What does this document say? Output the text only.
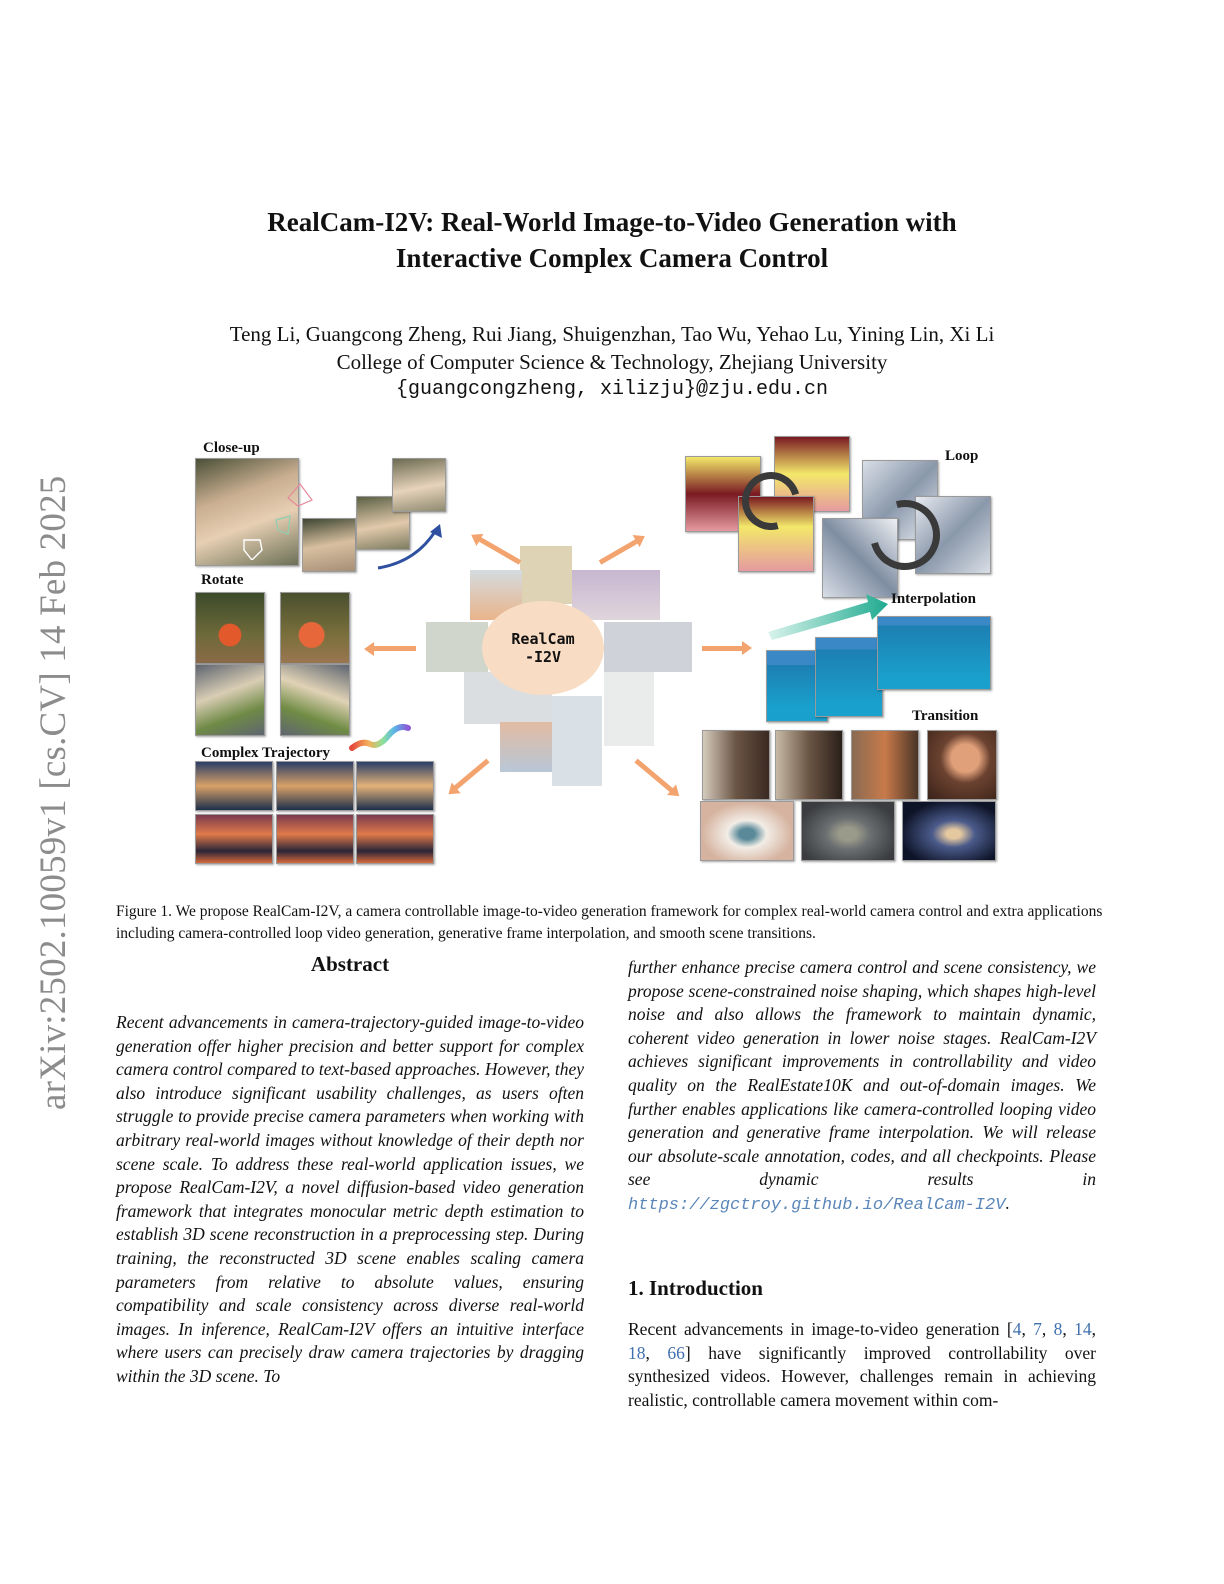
arXiv:2502.10059v1 [cs.CV] 14 Feb 2025
RealCam-I2V: Real-World Image-to-Video Generation with
Interactive Complex Camera Control
Teng Li, Guangcong Zheng, Rui Jiang, Shuigenzhan, Tao Wu, Yehao Lu, Yining Lin, Xi Li
College of Computer Science & Technology, Zhejiang University
{guangcongzheng, xilizju}@zju.edu.cn
Close-up
Rotate
Complex Trajectory
RealCam
-I2V
Loop
Interpolation
Transition
Figure 1. We propose RealCam-I2V, a camera controllable image-to-video generation framework for complex real-world camera control and extra applications including camera-controlled loop video generation, generative frame interpolation, and smooth scene transitions.
Abstract
Recent advancements in camera-trajectory-guided image-to-video generation offer higher precision and better support for complex camera control compared to text-based approaches. However, they also introduce significant usability challenges, as users often struggle to provide precise camera parameters when working with arbitrary real-world images without knowledge of their depth nor scene scale. To address these real-world application issues, we propose RealCam-I2V, a novel diffusion-based video generation framework that integrates monocular metric depth estimation to establish 3D scene reconstruction in a preprocessing step. During training, the reconstructed 3D scene enables scaling camera parameters from relative to absolute values, ensuring compatibility and scale consistency across diverse real-world images. In inference, RealCam-I2V offers an intuitive interface where users can precisely draw camera trajectories by dragging within the 3D scene. To
further enhance precise camera control and scene consistency, we propose scene-constrained noise shaping, which shapes high-level noise and also allows the framework to maintain dynamic, coherent video generation in lower noise stages. RealCam-I2V achieves significant improvements in controllability and video quality on the RealEstate10K and out-of-domain images. We further enables applications like camera-controlled looping video generation and generative frame interpolation. We will release our absolute-scale annotation, codes, and all checkpoints. Please see dynamic results in https://zgctroy.github.io/RealCam-I2V.
1. Introduction
Recent advancements in image-to-video generation [4, 7, 8, 14, 18, 66] have significantly improved controllability over synthesized videos. However, challenges remain in achieving realistic, controllable camera movement within com-
